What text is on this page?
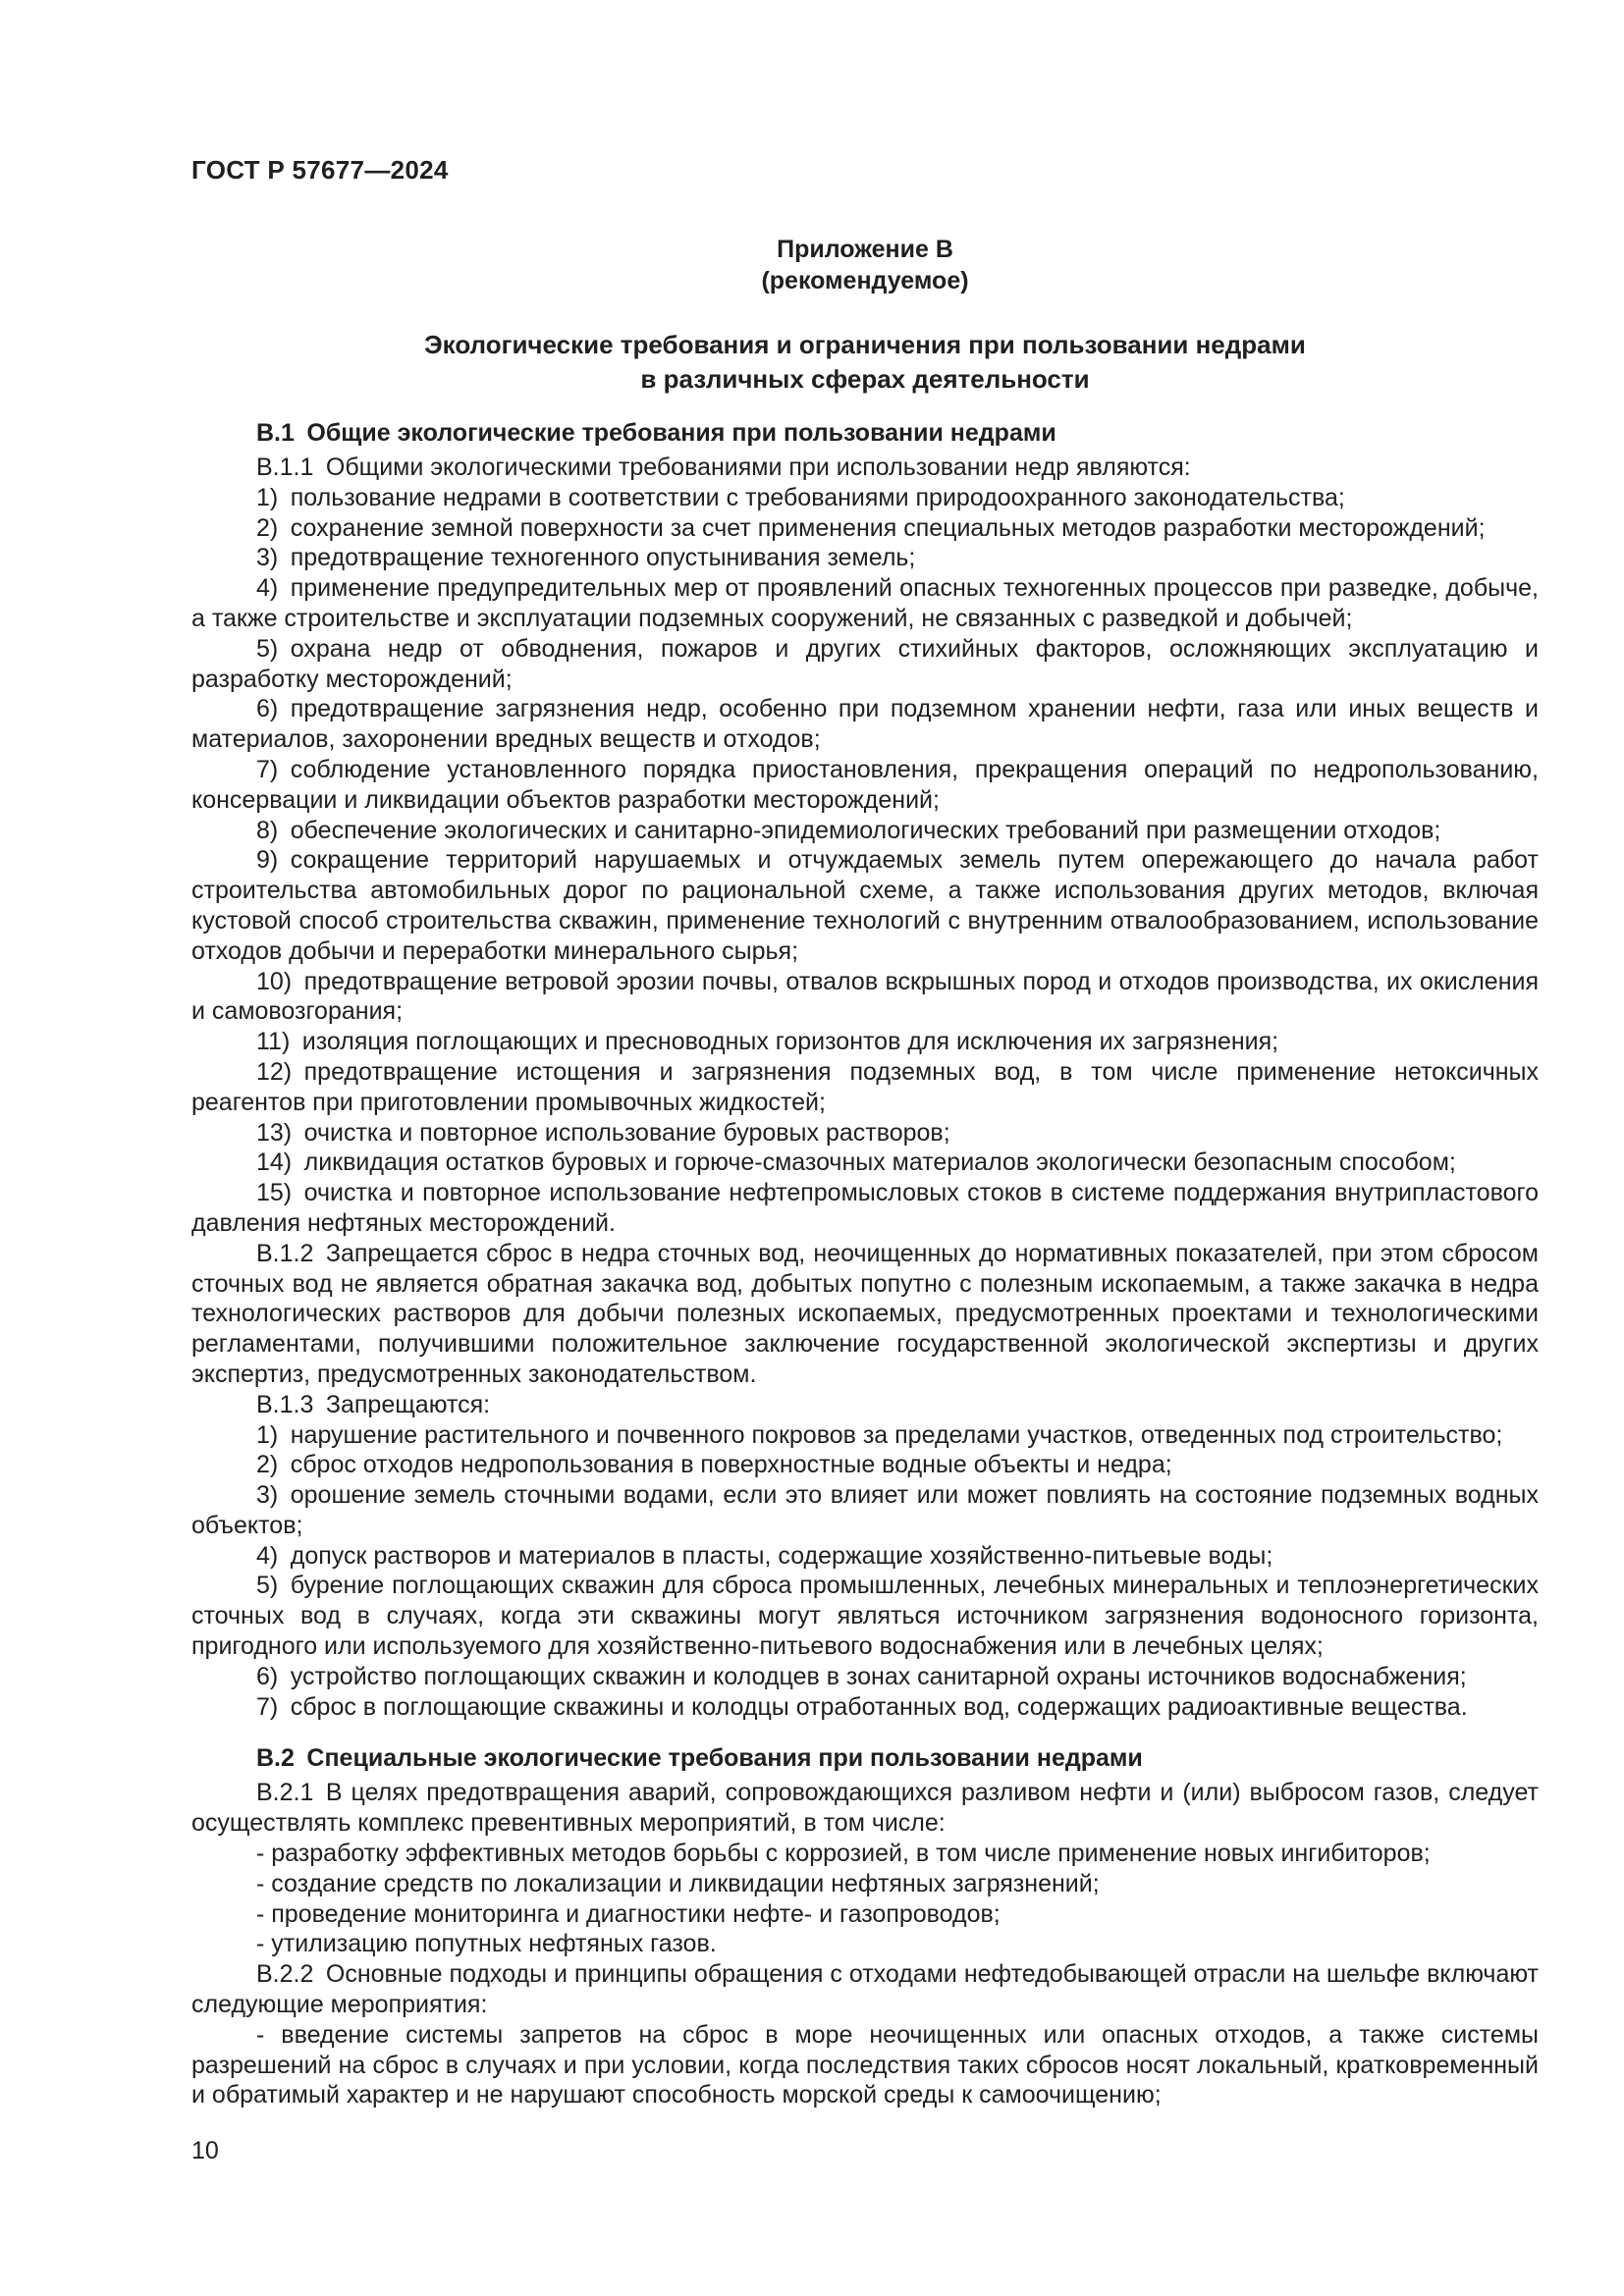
ГОСТ Р 57677—2024
Приложение В
(рекомендуемое)
Экологические требования и ограничения при пользовании недрами
в различных сферах деятельности
В.1 Общие экологические требования при пользовании недрами

В.1.1 Общими экологическими требованиями при использовании недр являются:

1) пользование недрами в соответствии с требованиями природоохранного законодательства;

2) сохранение земной поверхности за счет применения специальных методов разработки месторождений;

3) предотвращение техногенного опустынивания земель;

4) применение предупредительных мер от проявлений опасных техногенных процессов при разведке, добыче, а также строительстве и эксплуатации подземных сооружений, не связанных с разведкой и добычей;

5) охрана недр от обводнения, пожаров и других стихийных факторов, осложняющих эксплуатацию и разработку месторождений;

6) предотвращение загрязнения недр, особенно при подземном хранении нефти, газа или иных веществ и материалов, захоронении вредных веществ и отходов;

7) соблюдение установленного порядка приостановления, прекращения операций по недропользованию, консервации и ликвидации объектов разработки месторождений;

8) обеспечение экологических и санитарно-эпидемиологических требований при размещении отходов;

9) сокращение территорий нарушаемых и отчуждаемых земель путем опережающего до начала работ строительства автомобильных дорог по рациональной схеме, а также использования других методов, включая кустовой способ строительства скважин, применение технологий с внутренним отвалообразованием, использование отходов добычи и переработки минерального сырья;

10) предотвращение ветровой эрозии почвы, отвалов вскрышных пород и отходов производства, их окисления и самовозгорания;

11) изоляция поглощающих и пресноводных горизонтов для исключения их загрязнения;

12) предотвращение истощения и загрязнения подземных вод, в том числе применение нетоксичных реагентов при приготовлении промывочных жидкостей;

13) очистка и повторное использование буровых растворов;

14) ликвидация остатков буровых и горюче-смазочных материалов экологически безопасным способом;

15) очистка и повторное использование нефтепромысловых стоков в системе поддержания внутрипластового давления нефтяных месторождений.

В.1.2 Запрещается сброс в недра сточных вод, неочищенных до нормативных показателей, при этом сбросом сточных вод не является обратная закачка вод, добытых попутно с полезным ископаемым, а также закачка в недра технологических растворов для добычи полезных ископаемых, предусмотренных проектами и технологическими регламентами, получившими положительное заключение государственной экологической экспертизы и других экспертиз, предусмотренных законодательством.

В.1.3 Запрещаются:

1) нарушение растительного и почвенного покровов за пределами участков, отведенных под строительство;

2) сброс отходов недропользования в поверхностные водные объекты и недра;

3) орошение земель сточными водами, если это влияет или может повлиять на состояние подземных водных объектов;

4) допуск растворов и материалов в пласты, содержащие хозяйственно-питьевые воды;

5) бурение поглощающих скважин для сброса промышленных, лечебных минеральных и теплоэнергетических сточных вод в случаях, когда эти скважины могут являться источником загрязнения водоносного горизонта, пригодного или используемого для хозяйственно-питьевого водоснабжения или в лечебных целях;

6) устройство поглощающих скважин и колодцев в зонах санитарной охраны источников водоснабжения;

7) сброс в поглощающие скважины и колодцы отработанных вод, содержащих радиоактивные вещества.

В.2 Специальные экологические требования при пользовании недрами

В.2.1 В целях предотвращения аварий, сопровождающихся разливом нефти и (или) выбросом газов, следует осуществлять комплекс превентивных мероприятий, в том числе:

- разработку эффективных методов борьбы с коррозией, в том числе применение новых ингибиторов;

- создание средств по локализации и ликвидации нефтяных загрязнений;

- проведение мониторинга и диагностики нефте- и газопроводов;

- утилизацию попутных нефтяных газов.

В.2.2 Основные подходы и принципы обращения с отходами нефтедобывающей отрасли на шельфе включают следующие мероприятия:

- введение системы запретов на сброс в море неочищенных или опасных отходов, а также системы разрешений на сброс в случаях и при условии, когда последствия таких сбросов носят локальный, кратковременный и обратимый характер и не нарушают способность морской среды к самоочищению;

10
